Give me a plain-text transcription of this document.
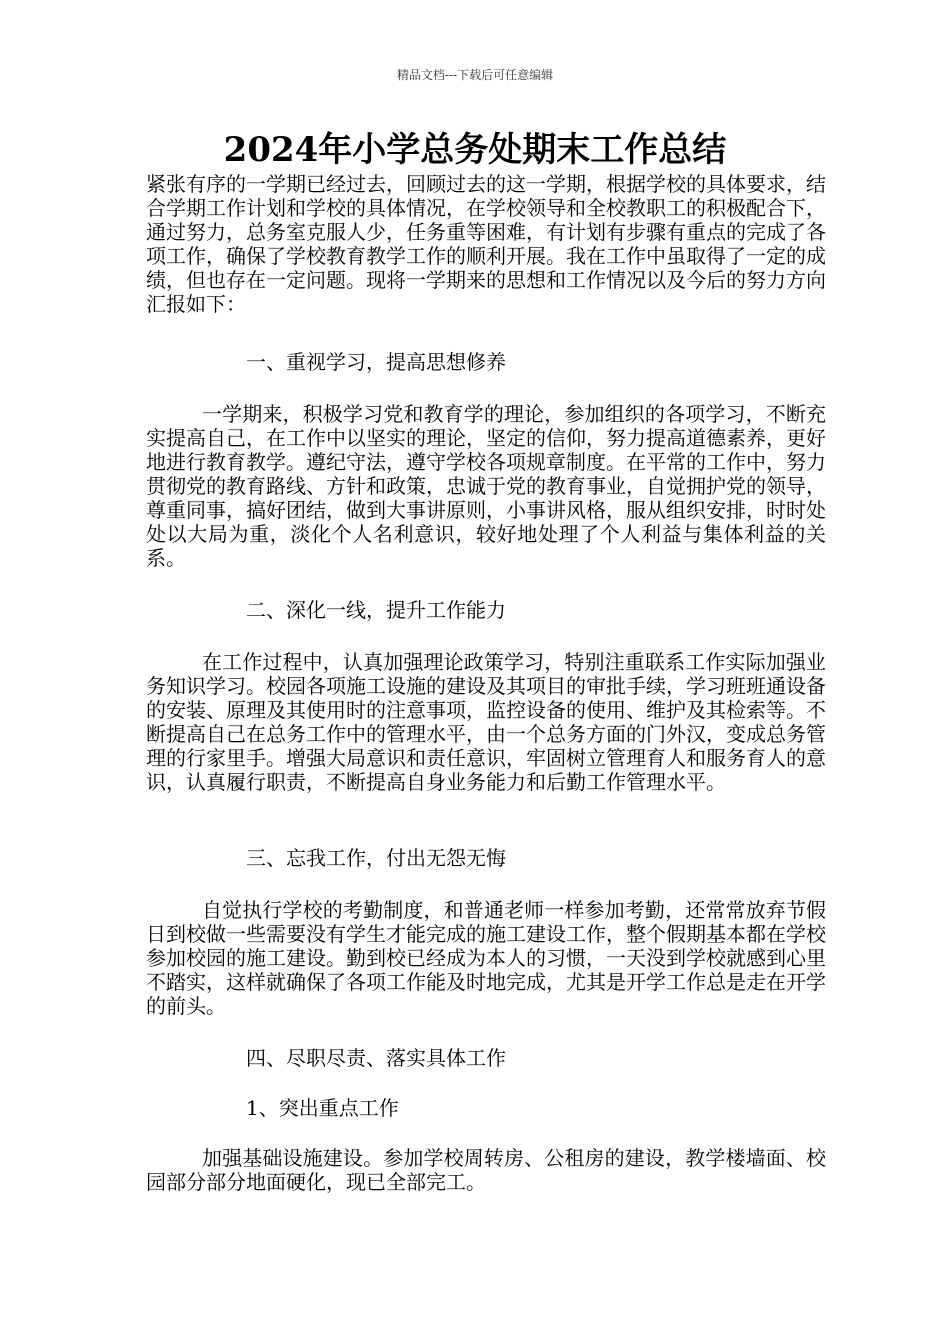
精品文档---下载后可任意编辑
2024年小学总务处期末工作总结

紧张有序的一学期已经过去，回顾过去的这一学期，根据学校的具体要求，结合学期工作计划和学校的具体情况，在学校领导和全校教职工的积极配合下，通过努力，总务室克服人少，任务重等困难，有计划有步骤有重点的完成了各项工作，确保了学校教育教学工作的顺利开展。我在工作中虽取得了一定的成绩，但也存在一定问题。现将一学期来的思想和工作情况以及今后的努力方向汇报如下：

一、重视学习，提高思想修养

一学期来，积极学习党和教育学的理论，参加组织的各项学习，不断充实提高自己，在工作中以坚实的理论，坚定的信仰，努力提高道德素养，更好地进行教育教学。遵纪守法，遵守学校各项规章制度。在平常的工作中，努力贯彻党的教育路线、方针和政策，忠诚于党的教育事业，自觉拥护党的领导，尊重同事，搞好团结，做到大事讲原则，小事讲风格，服从组织安排，时时处处以大局为重，淡化个人名利意识，较好地处理了个人利益与集体利益的关系。

二、深化一线，提升工作能力

在工作过程中，认真加强理论政策学习，特别注重联系工作实际加强业务知识学习。校园各项施工设施的建设及其项目的审批手续，学习班班通设备的安装、原理及其使用时的注意事项，监控设备的使用、维护及其检索等。不断提高自己在总务工作中的管理水平，由一个总务方面的门外汉，变成总务管理的行家里手。增强大局意识和责任意识，牢固树立管理育人和服务育人的意识，认真履行职责，不断提高自身业务能力和后勤工作管理水平。

三、忘我工作，付出无怨无悔

自觉执行学校的考勤制度，和普通老师一样参加考勤，还常常放弃节假日到校做一些需要没有学生才能完成的施工建设工作，整个假期基本都在学校参加校园的施工建设。勤到校已经成为本人的习惯，一天没到学校就感到心里不踏实，这样就确保了各项工作能及时地完成，尤其是开学工作总是走在开学的前头。

四、尽职尽责、落实具体工作

1、突出重点工作

加强基础设施建设。参加学校周转房、公租房的建设，教学楼墙面、校园部分部分地面硬化，现已全部完工。
